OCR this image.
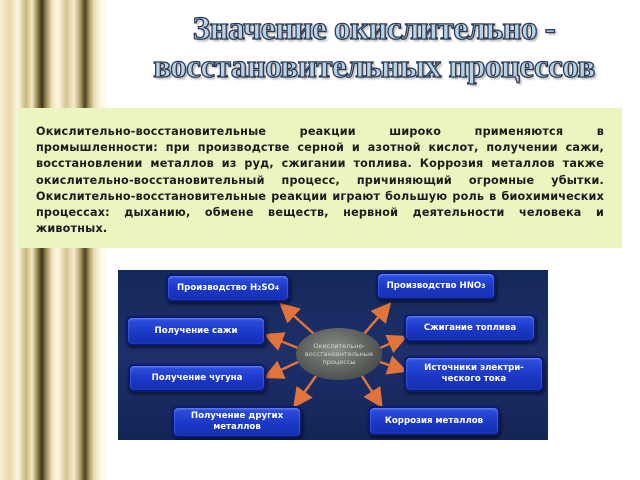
Значение окислительно - восстановительных процессов

Окислительно-восстановительные реакции широко применяются в промышленности: при производстве серной и азотной кислот, получении сажи, восстановлении металлов из руд, сжигании топлива. Коррозия металлов также окислительно-восстановительный процесс, причиняющий огромные убытки. Окислительно-восстановительные реакции играют большую роль в биохимических процессах: дыханию, обмене веществ, нервной деятельности человека и животных.

Окислительно-восстановительные процессы
Производство H 2 SO 4	Производство HNO 3
Получение сажи	Сжигание топлива
Получение чугуна
Источники электри-ческого тока
Получение других металлов
Коррозия металлов
